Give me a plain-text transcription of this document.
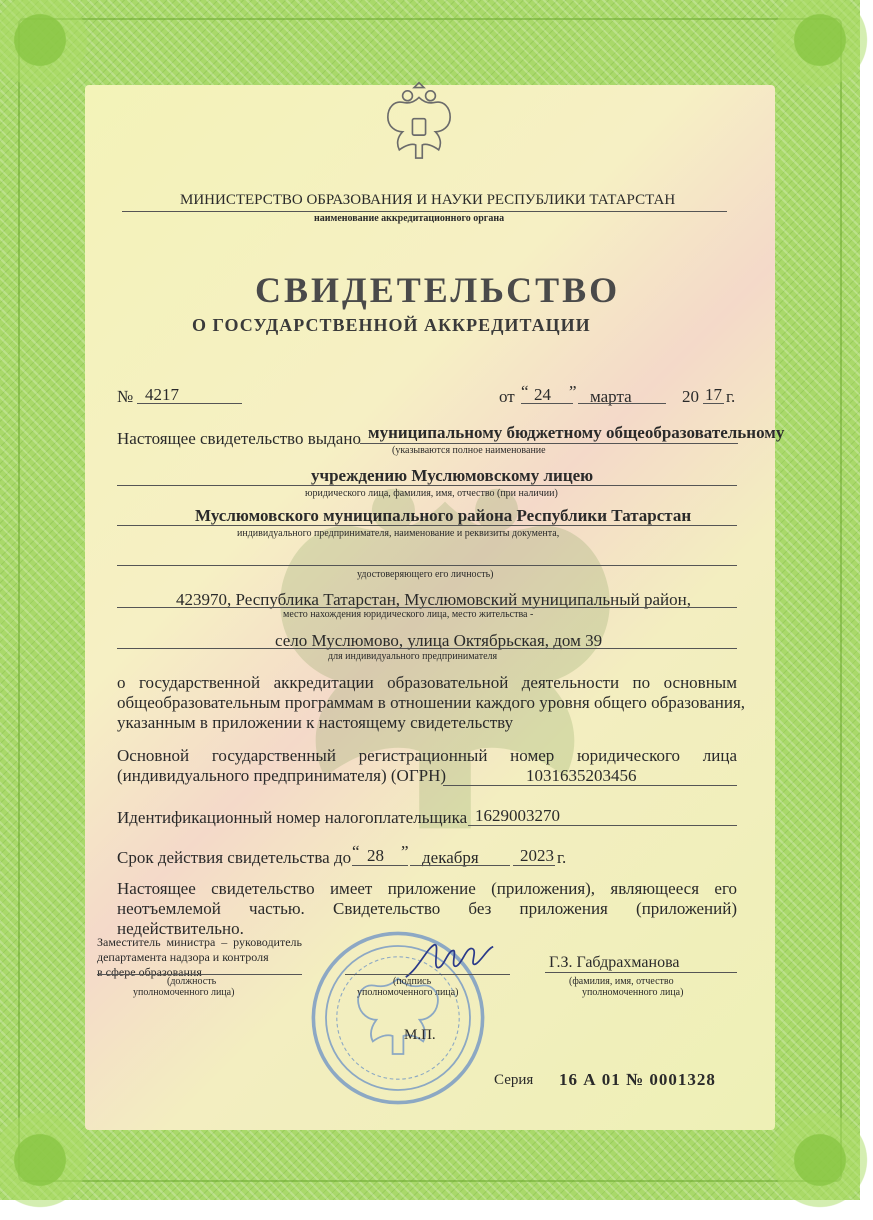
МИНИСТЕРСТВО ОБРАЗОВАНИЯ И НАУКИ РЕСПУБЛИКИ ТАТАРСТАН
наименование аккредитационного органа
СВИДЕТЕЛЬСТВО
О ГОСУДАРСТВЕННОЙ АККРЕДИТАЦИИ
№ 4217	от “ 24 ” марта	20 17 г.
Настоящее свидетельство выдано муниципальному бюджетному общеобразовательному
(указываются полное наименование
учреждению Муслюмовскому лицею
юридического лица, фамилия, имя, отчество (при наличии)
Муслюмовского муниципального района Республики Татарстан
индивидуального предпринимателя, наименование и реквизиты документа,
удостоверяющего его личность)
423970, Республика Татарстан, Муслюмовский муниципальный район,
место нахождения юридического лица, место жительства -
село Муслюмово, улица Октябрьская, дом 39
для индивидуального предпринимателя
о государственной аккредитации образовательной деятельности по основным
общеобразовательным программам в отношении каждого уровня общего образования,
указанным в приложении к настоящему свидетельству
Основной государственный регистрационный номер юридического лица
(индивидуального предпринимателя) (ОГРН)	1031635203456
Идентификационный номер налогоплательщика 1629003270
Срок действия свидетельства до “ 28 ” декабря 2023 г.
Настоящее свидетельство имеет приложение (приложения), являющееся его
неотъемлемой частью. Свидетельство без приложения (приложений)
недействительно.
Заместитель министра – руководитель
департамента надзора и контроля
в сфере образования
(должность
уполномоченного лица)
(подпись
уполномоченного лица)
Г.З. Габдрахманова
(фамилия, имя, отчество
уполномоченного лица)
М.П.
Серия 16 А 01 № 0001328
